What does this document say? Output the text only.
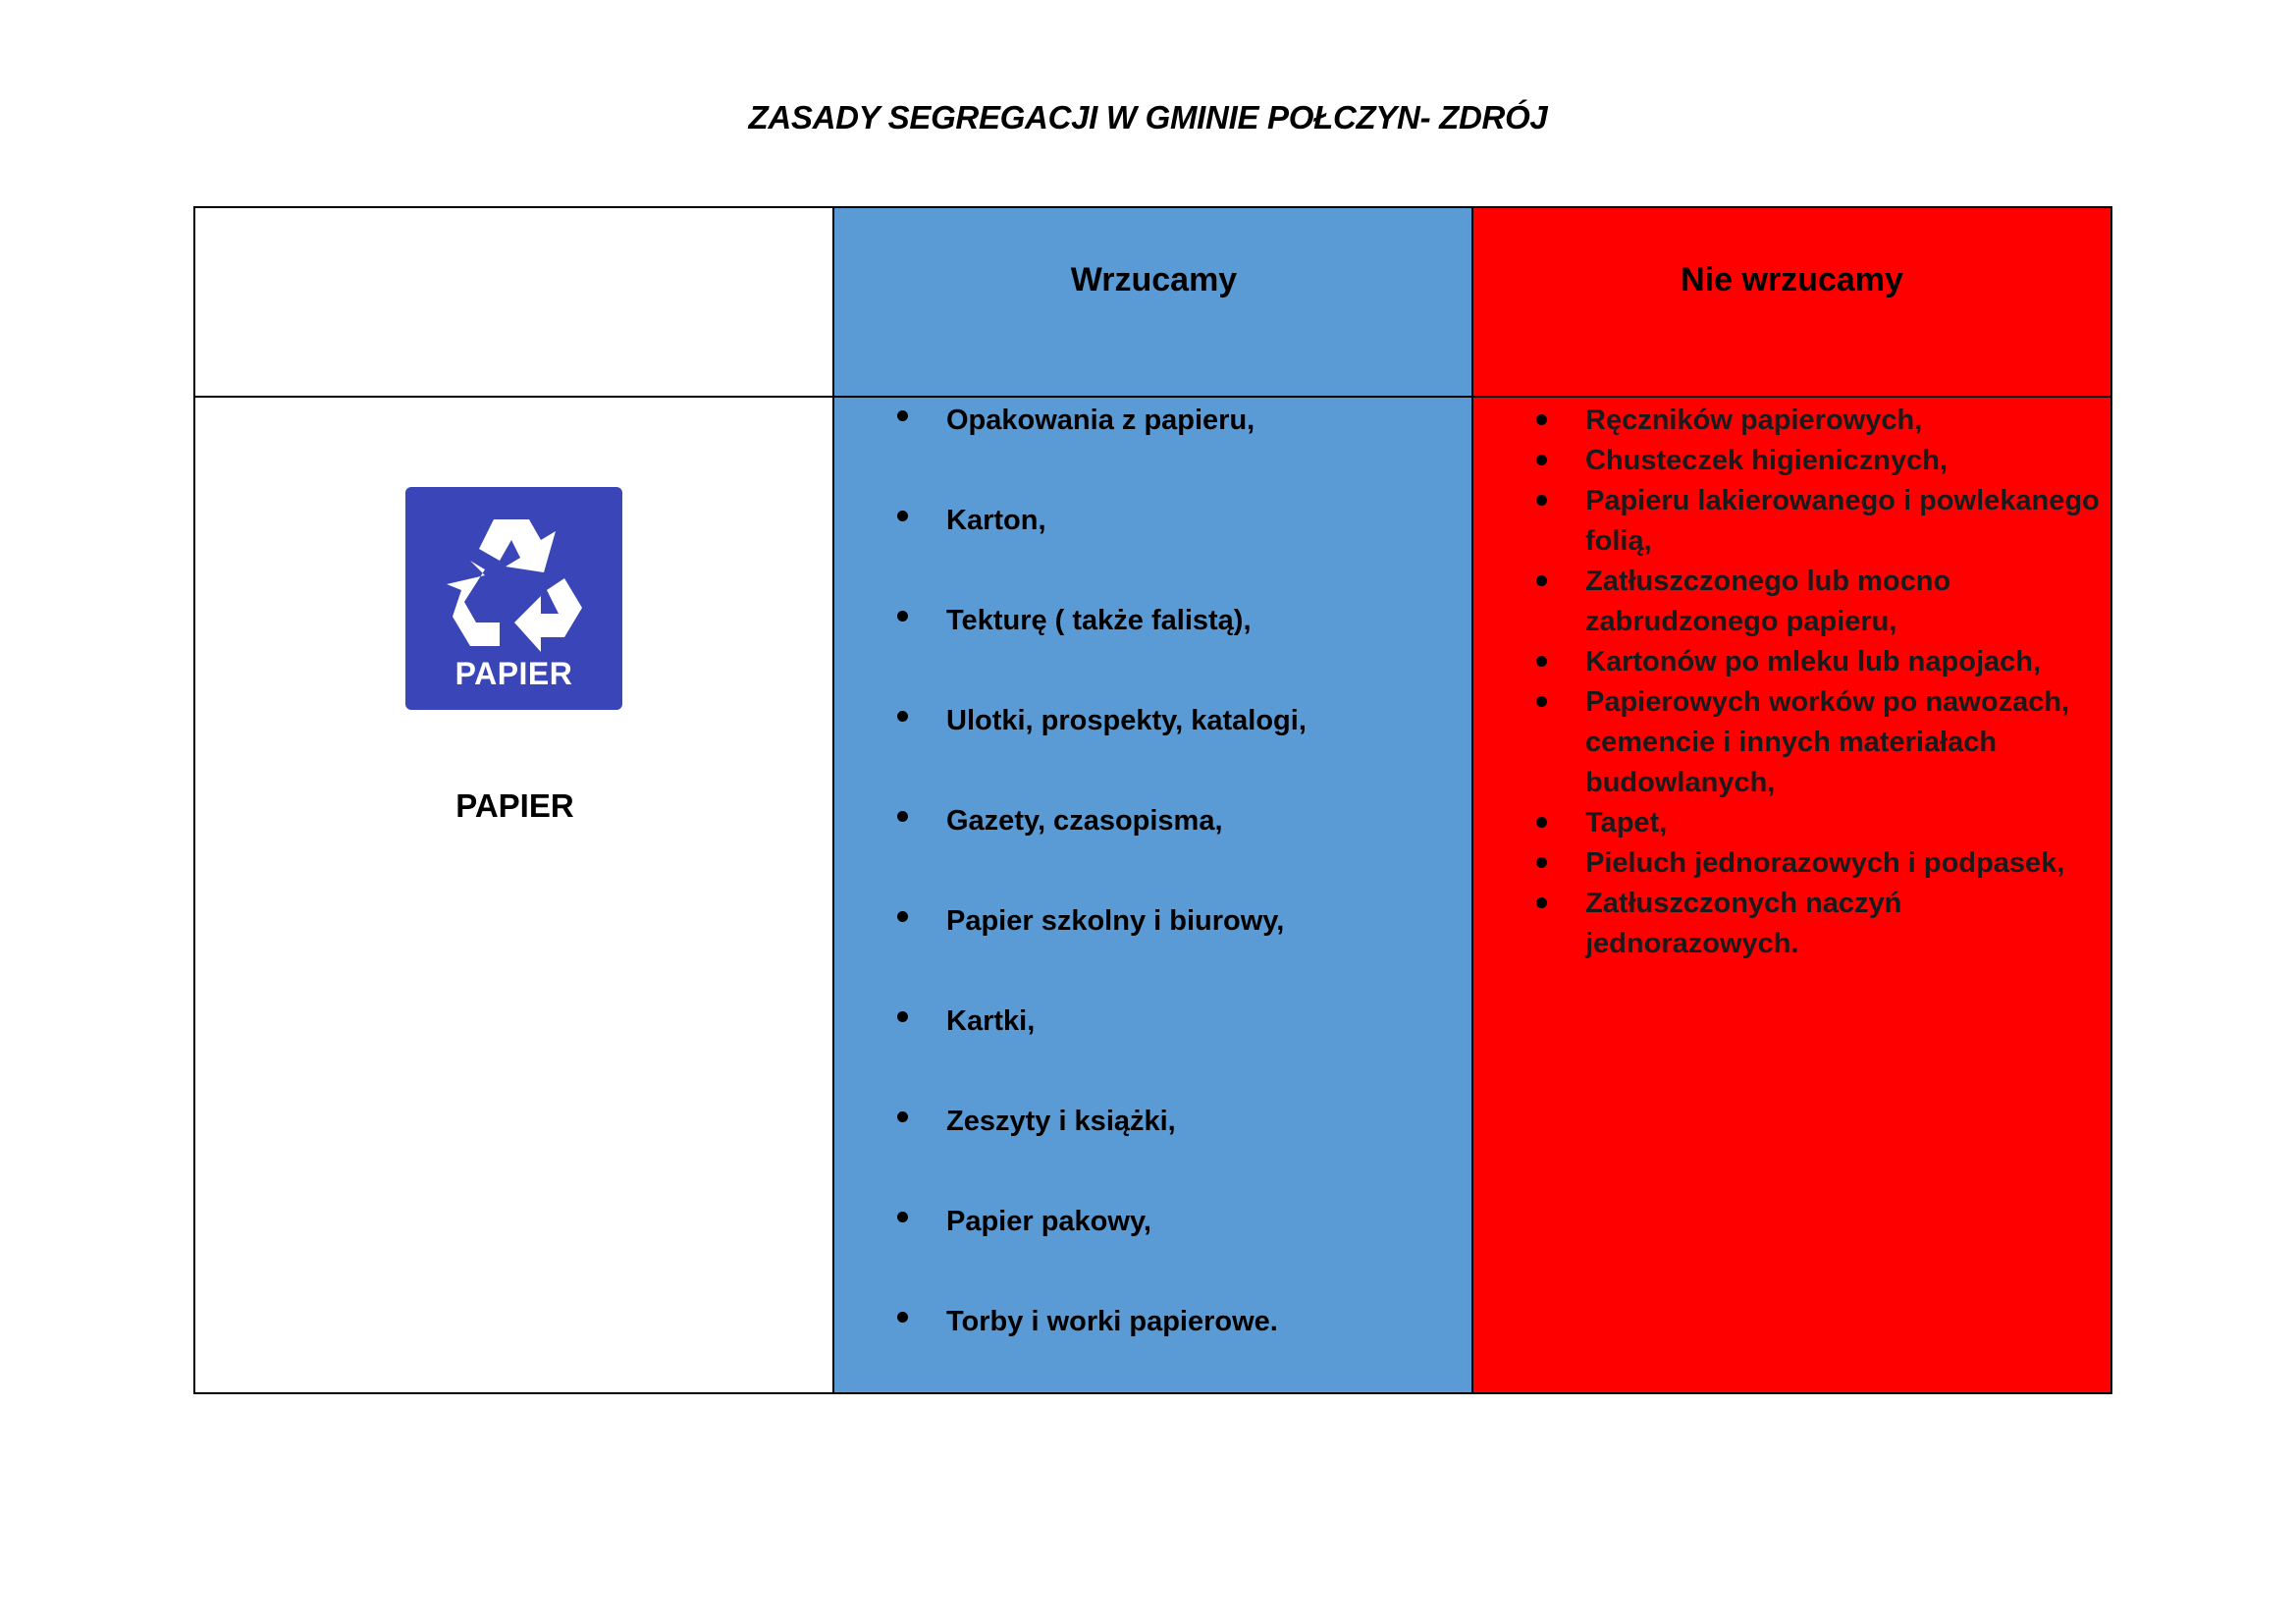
ZASADY SEGREGACJI W GMINIE POŁCZYN- ZDRÓJ
Wrzucamy	Nie wrzucamy
PAPIER
PAPIER
Opakowania z papieru,
Karton,
Tekturę ( także falistą),
Ulotki, prospekty, katalogi,
Gazety, czasopisma,
Papier szkolny i biurowy,
Kartki,
Zeszyty i książki,
Papier pakowy,
Torby i worki papierowe.
Ręczników papierowych,
Chusteczek higienicznych,
Papieru lakierowanego i powlekanego folią,
Zatłuszczonego lub mocno zabrudzonego papieru,
Kartonów po mleku lub napojach,
Papierowych worków po nawozach, cemencie i innych materiałach budowlanych,
Tapet,
Pieluch jednorazowych i podpasek,
Zatłuszczonych naczyń jednorazowych.
